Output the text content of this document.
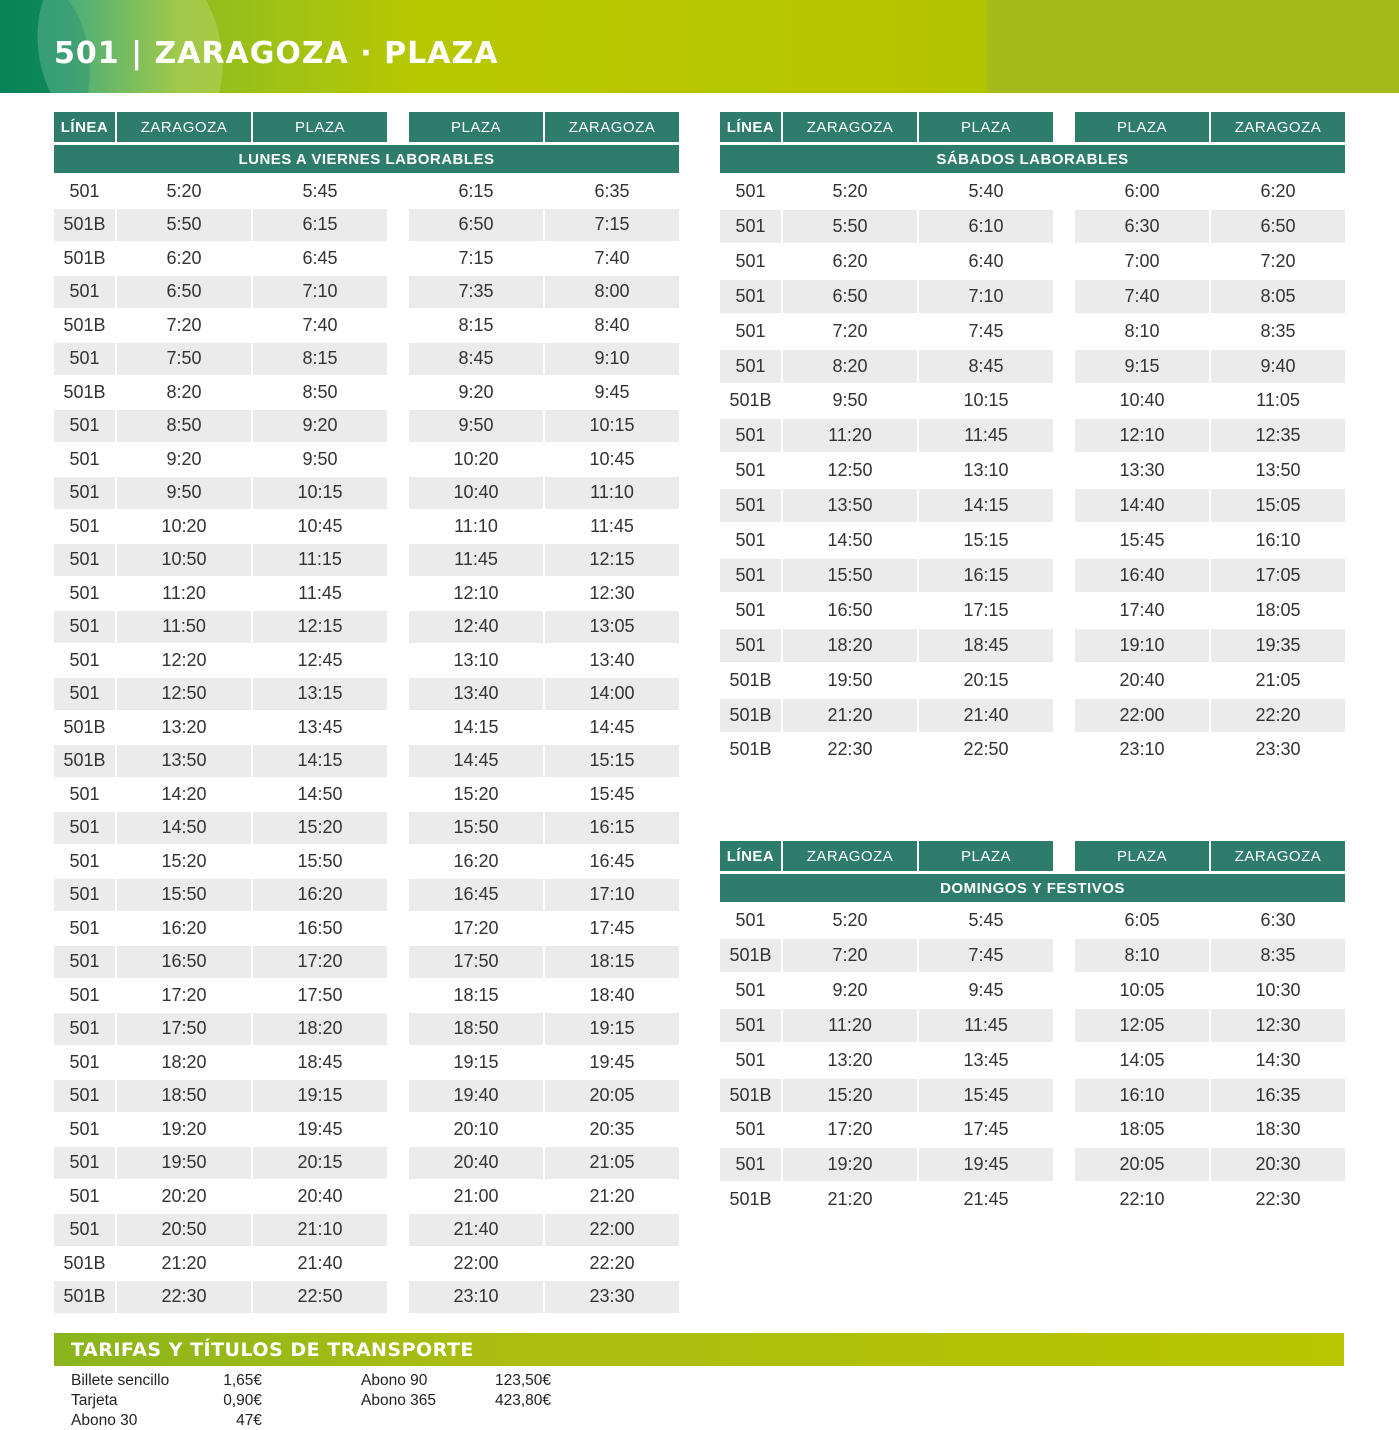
501 | ZARAGOZA · PLAZA
LÍNEA	ZARAGOZA	PLAZA	PLAZA	ZARAGOZA
LUNES A VIERNES LABORABLES
501	5:20	5:45	6:15	6:35
501B	5:50	6:15	6:50	7:15
501B	6:20	6:45	7:15	7:40
501	6:50	7:10	7:35	8:00
501B	7:20	7:40	8:15	8:40
501	7:50	8:15	8:45	9:10
501B	8:20	8:50	9:20	9:45
501	8:50	9:20	9:50	10:15
501	9:20	9:50	10:20	10:45
501	9:50	10:15	10:40	11:10
501	10:20	10:45	11:10	11:45
501	10:50	11:15	11:45	12:15
501	11:20	11:45	12:10	12:30
501	11:50	12:15	12:40	13:05
501	12:20	12:45	13:10	13:40
501	12:50	13:15	13:40	14:00
501B	13:20	13:45	14:15	14:45
501B	13:50	14:15	14:45	15:15
501	14:20	14:50	15:20	15:45
501	14:50	15:20	15:50	16:15
501	15:20	15:50	16:20	16:45
501	15:50	16:20	16:45	17:10
501	16:20	16:50	17:20	17:45
501	16:50	17:20	17:50	18:15
501	17:20	17:50	18:15	18:40
501	17:50	18:20	18:50	19:15
501	18:20	18:45	19:15	19:45
501	18:50	19:15	19:40	20:05
501	19:20	19:45	20:10	20:35
501	19:50	20:15	20:40	21:05
501	20:20	20:40	21:00	21:20
501	20:50	21:10	21:40	22:00
501B	21:20	21:40	22:00	22:20
501B	22:30	22:50	23:10	23:30
LÍNEA	ZARAGOZA	PLAZA	PLAZA	ZARAGOZA
SÁBADOS LABORABLES
501	5:20	5:40	6:00	6:20
501	5:50	6:10	6:30	6:50
501	6:20	6:40	7:00	7:20
501	6:50	7:10	7:40	8:05
501	7:20	7:45	8:10	8:35
501	8:20	8:45	9:15	9:40
501B	9:50	10:15	10:40	11:05
501	11:20	11:45	12:10	12:35
501	12:50	13:10	13:30	13:50
501	13:50	14:15	14:40	15:05
501	14:50	15:15	15:45	16:10
501	15:50	16:15	16:40	17:05
501	16:50	17:15	17:40	18:05
501	18:20	18:45	19:10	19:35
501B	19:50	20:15	20:40	21:05
501B	21:20	21:40	22:00	22:20
501B	22:30	22:50	23:10	23:30
LÍNEA	ZARAGOZA	PLAZA	PLAZA	ZARAGOZA
DOMINGOS Y FESTIVOS
501	5:20	5:45	6:05	6:30
501B	7:20	7:45	8:10	8:35
501	9:20	9:45	10:05	10:30
501	11:20	11:45	12:05	12:30
501	13:20	13:45	14:05	14:30
501B	15:20	15:45	16:10	16:35
501	17:20	17:45	18:05	18:30
501	19:20	19:45	20:05	20:30
501B	21:20	21:45	22:10	22:30
TARIFAS Y TÍTULOS DE TRANSPORTE
Billete sencillo	1,65€
Tarjeta	0,90€
Abono 30	47€
Abono 90	123,50€
Abono 365	423,80€
